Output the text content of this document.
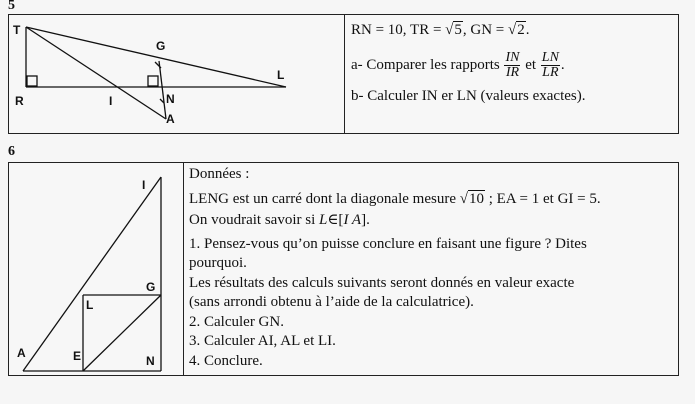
5
T
G
L
R	I	N
A
RN = 10, TR = √5, GN = √2.
a- Comparer les rapports $\frac{IN}{IR}$ et $\frac{LN}{LR}$ .
b- Calculer IN er LN (valeurs exactes).
6
I
G
L
A	E	N
Données :
LENG est un carré dont la diagonale mesure √10 ; EA = 1 et GI = 5.
On voudrait savoir si L∈[I A].
1. Pensez-vous qu’on puisse conclure en faisant une figure ? Dites
pourquoi.
Les résultats des calculs suivants seront donnés en valeur exacte
(sans arrondi obtenu à l’aide de la calculatrice).
2. Calculer GN.
3. Calculer AI, AL et LI.
4. Conclure.
